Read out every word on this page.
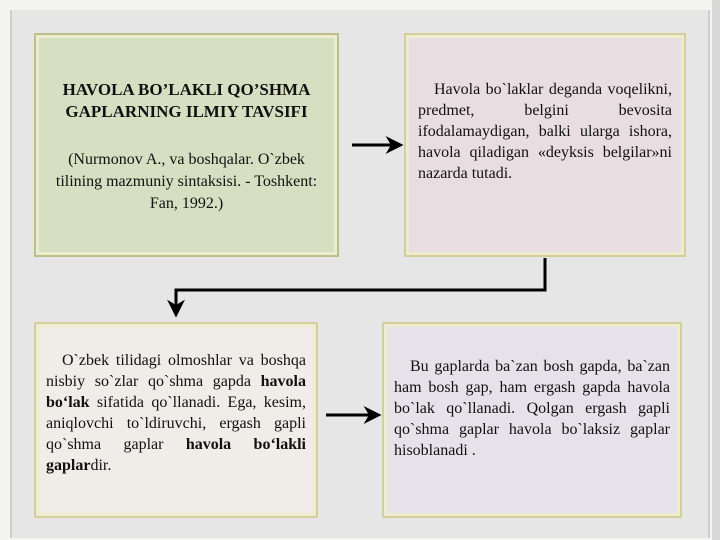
HAVOLA BO’LAKLI QO’SHMA GAPLARNING ILMIY TAVSIFI
(Nurmonov A., va boshqalar. O`zbek tilining mazmuniy sintaksisi. - Toshkent: Fan, 1992.)
Havola bo`laklar deganda voqelikni, predmet, belgini bevosita ifodalamaydigan, balki ularga ishora, havola qiladigan «deyksis belgilar»ni nazarda tutadi.
O`zbek tilidagi olmoshlar va boshqa nisbiy so`zlar qo`shma gapda havola bo‘lak sifatida qo`llanadi. Ega, kesim, aniqlovchi to`ldiruvchi, ergash gapli qo`shma gaplar havola bo‘lakli gaplardir.
Bu gaplarda ba`zan bosh gapda, ba`zan ham bosh gap, ham ergash gapda havola bo`lak qo`llanadi. Qolgan ergash gapli qo`shma gaplar havola bo`laksiz gaplar hisoblanadi .
